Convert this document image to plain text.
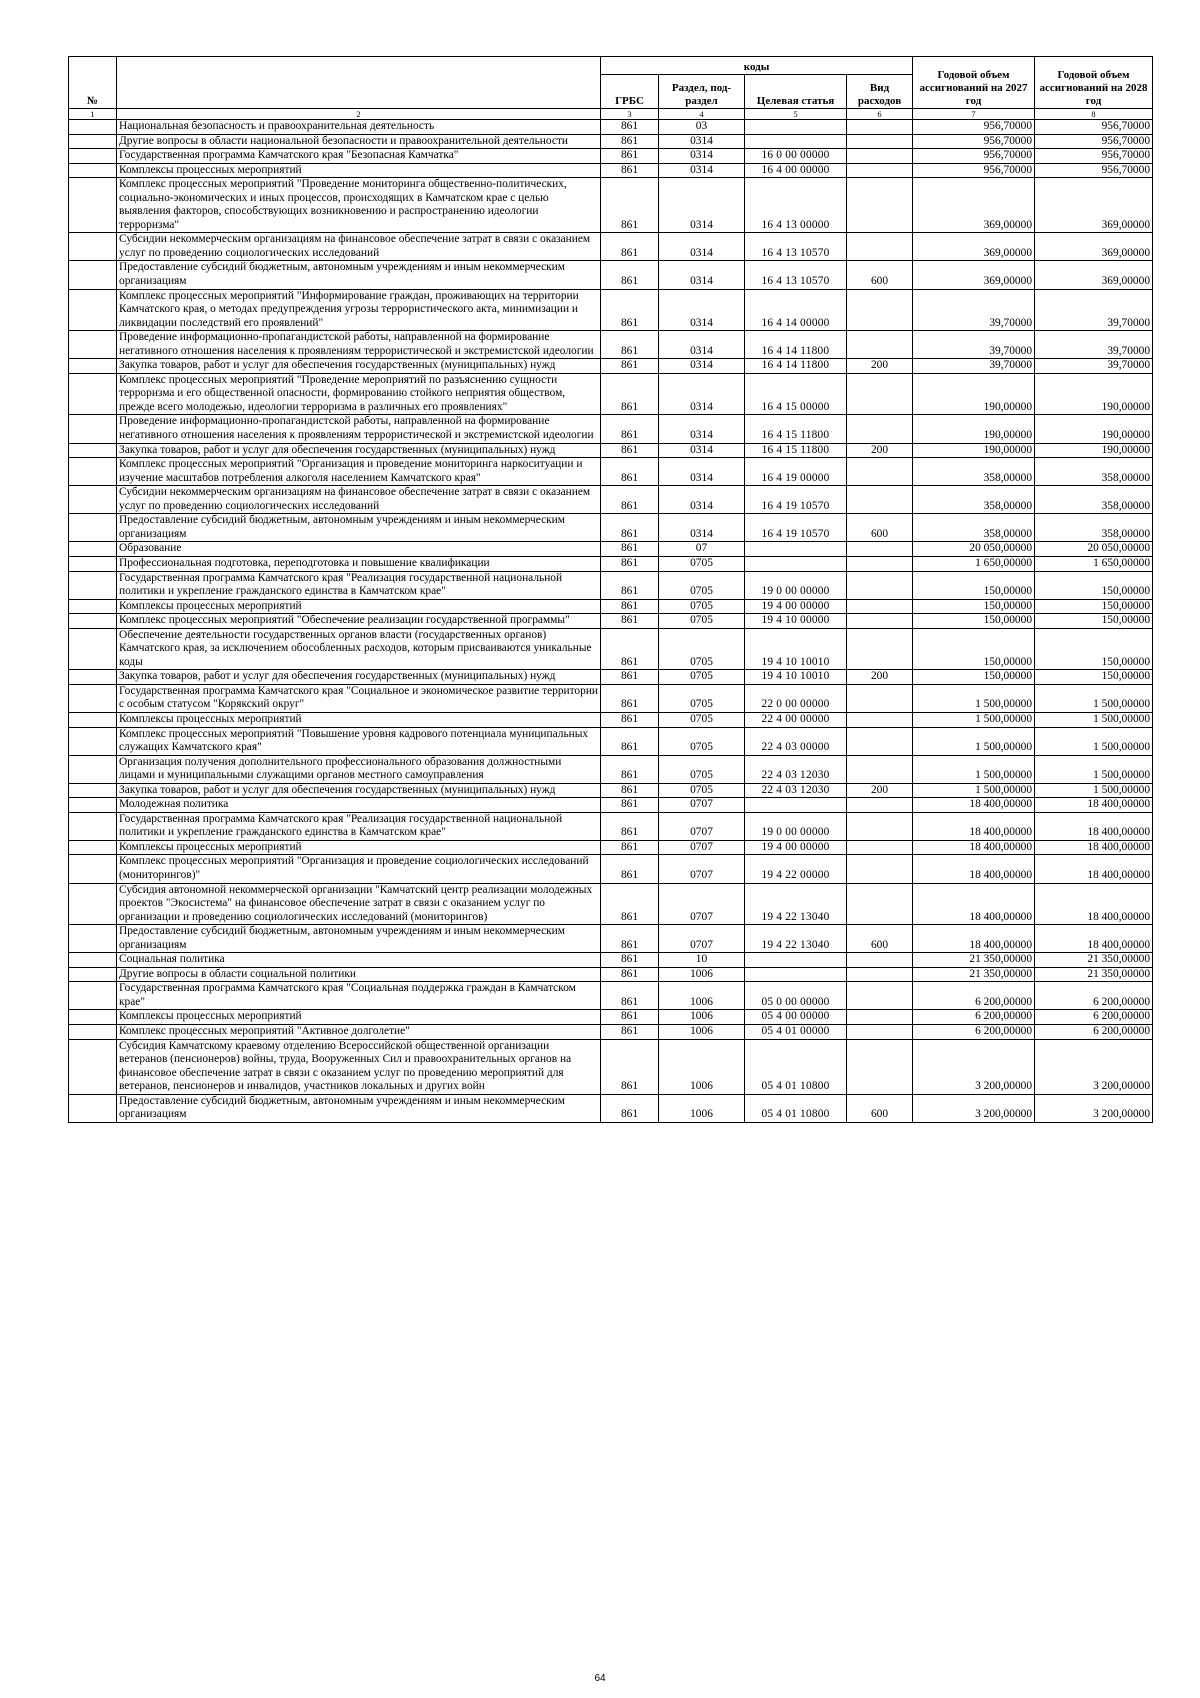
№		коды				Годовой объем ассигнований на 2027 год	Годовой объем ассигнований на 2028 год
		ГРБС	Раздел, под-раздел	Целевая статья	Вид расходов		
1	2	3	4	5	6	7	8
	Национальная безопасность и правоохранительная деятельность	861	03			956,70000	956,70000
	Другие вопросы в области национальной безопасности и правоохранительной деятельности	861	0314			956,70000	956,70000
	Государственная программа Камчатского края "Безопасная Камчатка"	861	0314	16 0 00 00000		956,70000	956,70000
	Комплексы процессных мероприятий	861	0314	16 4 00 00000		956,70000	956,70000
	Комплекс процессных мероприятий "Проведение мониторинга общественно-политических, социально-экономических и иных процессов, происходящих в Камчатском крае с целью выявления факторов, способствующих возникновению и распространению идеологии терроризма"	861	0314	16 4 13 00000		369,00000	369,00000
	Субсидии некоммерческим организациям на финансовое обеспечение затрат в связи с оказанием услуг по проведению социологических исследований	861	0314	16 4 13 10570		369,00000	369,00000
	Предоставление субсидий бюджетным, автономным учреждениям и иным некоммерческим организациям	861	0314	16 4 13 10570	600	369,00000	369,00000
	Комплекс процессных мероприятий "Информирование граждан, проживающих на территории Камчатского края, о методах предупреждения угрозы террористического акта, минимизации и ликвидации последствий его проявлений"	861	0314	16 4 14 00000		39,70000	39,70000
	Проведение информационно-пропагандистской работы, направленной на формирование негативного отношения населения к проявлениям террористической и экстремистской идеологии	861	0314	16 4 14 11800		39,70000	39,70000
	Закупка товаров, работ и услуг для обеспечения государственных (муниципальных) нужд	861	0314	16 4 14 11800	200	39,70000	39,70000
	Комплекс процессных мероприятий "Проведение мероприятий по разъяснению сущности терроризма и его общественной опасности, формированию стойкого неприятия обществом, прежде всего молодежью, идеологии терроризма в различных его проявлениях"	861	0314	16 4 15 00000		190,00000	190,00000
	Проведение информационно-пропагандистской работы, направленной на формирование негативного отношения населения к проявлениям террористической и экстремистской идеологии	861	0314	16 4 15 11800		190,00000	190,00000
	Закупка товаров, работ и услуг для обеспечения государственных (муниципальных) нужд	861	0314	16 4 15 11800	200	190,00000	190,00000
	Комплекс процессных мероприятий "Организация и проведение мониторинга наркоситуации и изучение масштабов потребления алкоголя населением Камчатского края"	861	0314	16 4 19 00000		358,00000	358,00000
	Субсидии некоммерческим организациям на финансовое обеспечение затрат в связи с оказанием услуг по проведению социологических исследований	861	0314	16 4 19 10570		358,00000	358,00000
	Предоставление субсидий бюджетным, автономным учреждениям и иным некоммерческим организациям	861	0314	16 4 19 10570	600	358,00000	358,00000
	Образование	861	07			20 050,00000	20 050,00000
	Профессиональная подготовка, переподготовка и повышение квалификации	861	0705			1 650,00000	1 650,00000
	Государственная программа Камчатского края "Реализация государственной национальной политики и укрепление гражданского единства в Камчатском крае"	861	0705	19 0 00 00000		150,00000	150,00000
	Комплексы процессных мероприятий	861	0705	19 4 00 00000		150,00000	150,00000
	Комплекс процессных мероприятий "Обеспечение реализации государственной программы"	861	0705	19 4 10 00000		150,00000	150,00000
	Обеспечение деятельности государственных органов власти (государственных органов) Камчатского края, за исключением обособленных расходов, которым присваиваются уникальные коды	861	0705	19 4 10 10010		150,00000	150,00000
	Закупка товаров, работ и услуг для обеспечения государственных (муниципальных) нужд	861	0705	19 4 10 10010	200	150,00000	150,00000
	Государственная программа Камчатского края "Социальное и экономическое развитие территории с особым статусом "Корякский округ"	861	0705	22 0 00 00000		1 500,00000	1 500,00000
	Комплексы процессных мероприятий	861	0705	22 4 00 00000		1 500,00000	1 500,00000
	Комплекс процессных мероприятий "Повышение уровня кадрового потенциала муниципальных служащих Камчатского края"	861	0705	22 4 03 00000		1 500,00000	1 500,00000
	Организация получения дополнительного профессионального образования должностными лицами и муниципальными служащими органов местного самоуправления	861	0705	22 4 03 12030		1 500,00000	1 500,00000
	Закупка товаров, работ и услуг для обеспечения государственных (муниципальных) нужд	861	0705	22 4 03 12030	200	1 500,00000	1 500,00000
	Молодежная политика	861	0707			18 400,00000	18 400,00000
	Государственная программа Камчатского края "Реализация государственной национальной политики и укрепление гражданского единства в Камчатском крае"	861	0707	19 0 00 00000		18 400,00000	18 400,00000
	Комплексы процессных мероприятий	861	0707	19 4 00 00000		18 400,00000	18 400,00000
	Комплекс процессных мероприятий "Организация и проведение социологических исследований (мониторингов)"	861	0707	19 4 22 00000		18 400,00000	18 400,00000
	Субсидия автономной некоммерческой организации "Камчатский центр реализации молодежных проектов "Экосистема" на финансовое обеспечение затрат в связи с оказанием услуг по организации и проведению социологических исследований (мониторингов)	861	0707	19 4 22 13040		18 400,00000	18 400,00000
	Предоставление субсидий бюджетным, автономным учреждениям и иным некоммерческим организациям	861	0707	19 4 22 13040	600	18 400,00000	18 400,00000
	Социальная политика	861	10			21 350,00000	21 350,00000
	Другие вопросы в области социальной политики	861	1006			21 350,00000	21 350,00000
	Государственная программа Камчатского края "Социальная поддержка граждан в Камчатском крае"	861	1006	05 0 00 00000		6 200,00000	6 200,00000
	Комплексы процессных мероприятий	861	1006	05 4 00 00000		6 200,00000	6 200,00000
	Комплекс процессных мероприятий "Активное долголетие"	861	1006	05 4 01 00000		6 200,00000	6 200,00000
	Субсидия Камчатскому краевому отделению Всероссийской общественной организации ветеранов (пенсионеров) войны, труда, Вооруженных Сил и правоохранительных органов на финансовое обеспечение затрат в связи с оказанием услуг по проведению мероприятий для ветеранов, пенсионеров и инвалидов, участников локальных и других войн	861	1006	05 4 01 10800		3 200,00000	3 200,00000
	Предоставление субсидий бюджетным, автономным учреждениям и иным некоммерческим организациям	861	1006	05 4 01 10800	600	3 200,00000	3 200,00000
64
